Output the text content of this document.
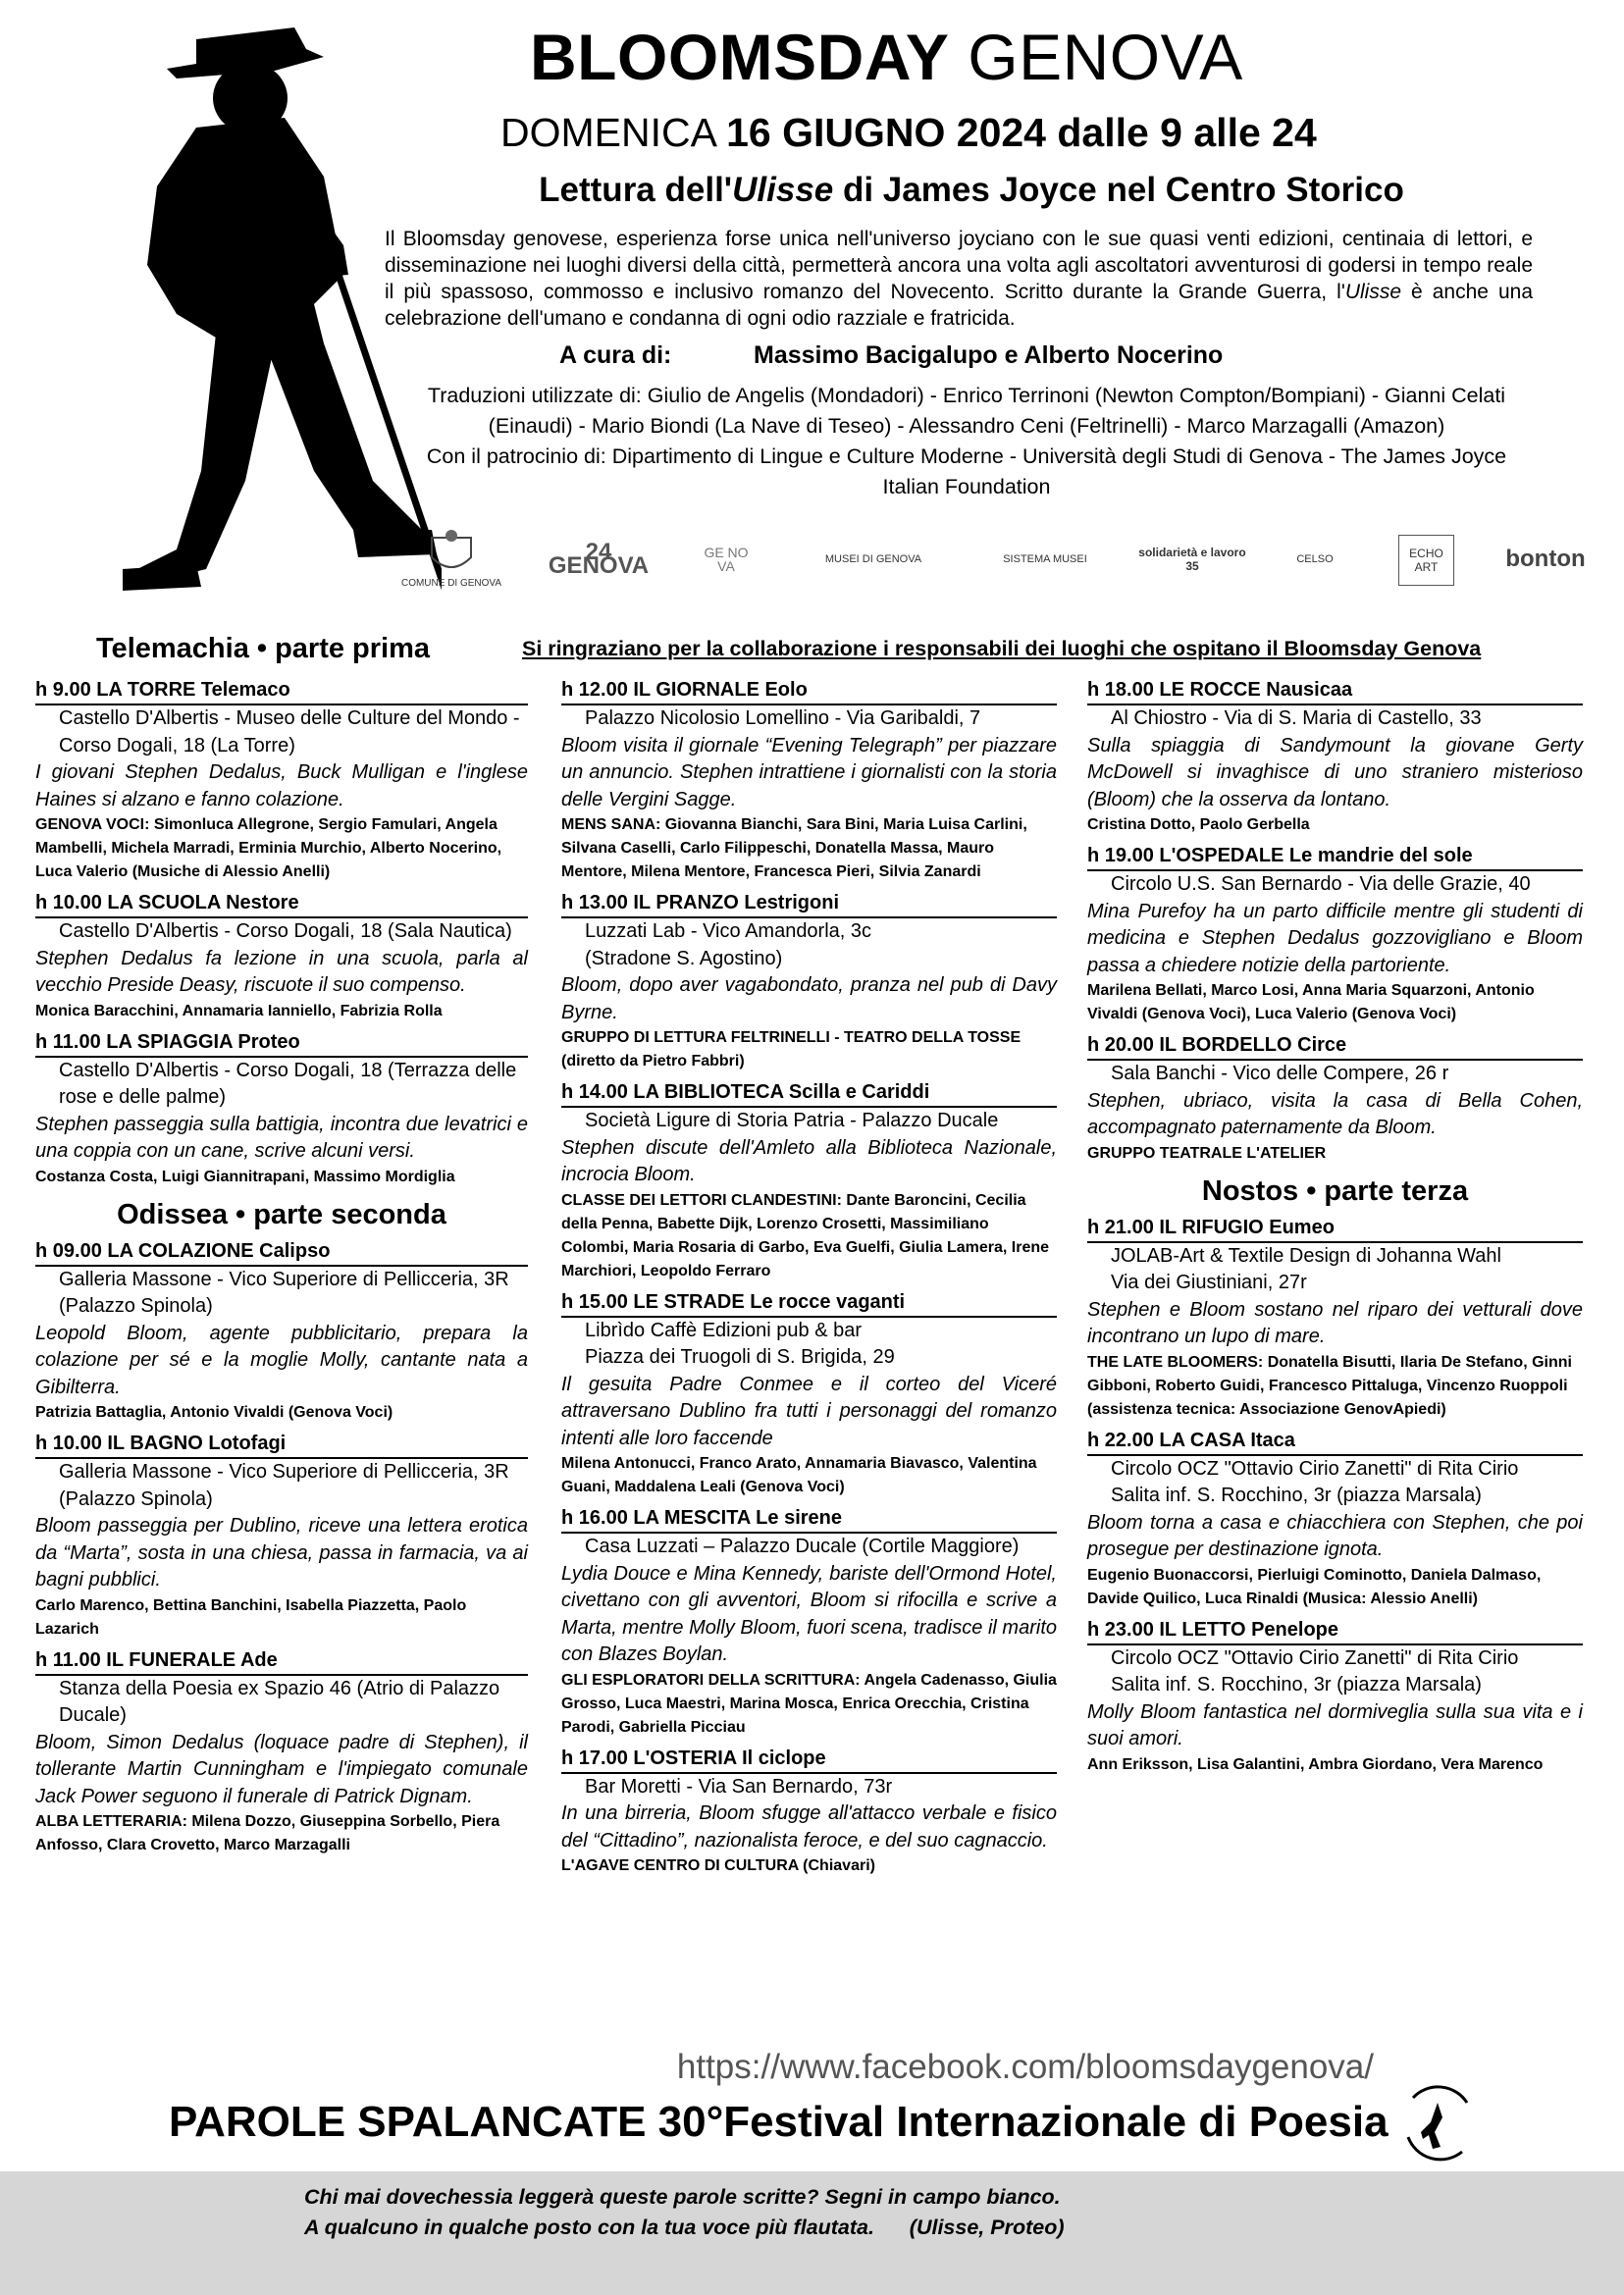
BLOOMSDAY GENOVA
DOMENICA 16 GIUGNO 2024 dalle 9 alle 24
Lettura dell'Ulisse di James Joyce nel Centro Storico
Il Bloomsday genovese, esperienza forse unica nell'universo joyciano con le sue quasi venti edizioni, centinaia di lettori, e disseminazione nei luoghi diversi della città, permetterà ancora una volta agli ascoltatori avventurosi di godersi in tempo reale il più spassoso, commosso e inclusivo romanzo del Novecento. Scritto durante la Grande Guerra, l'Ulisse è anche una celebrazione dell'umano e condanna di ogni odio razziale e fratricida.
A cura di:	Massimo Bacigalupo e Alberto Nocerino

Traduzioni utilizzate di: Giulio de Angelis (Mondadori) - Enrico Terrinoni (Newton Compton/Bompiani) - Gianni Celati (Einaudi) - Mario Biondi (La Nave di Teseo) - Alessandro Ceni (Feltrinelli) - Marco Marzagalli (Amazon)

Con il patrocinio di: Dipartimento di Lingue e Culture Moderne - Università degli Studi di Genova - The James Joyce Italian Foundation

COMUNE DI GENOVA
24 GENOVA	GE NO VA	MUSEI DI GENOVA	SISTEMA MUSEI	solidarietà e lavoro 35	CELSO	ECHO ART	bonton
Telemachia • parte prima	Si ringraziano per la collaborazione i responsabili dei luoghi che ospitano il Bloomsday Genova
h 9.00 LA TORRE Telemaco
Castello D'Albertis - Museo delle Culture del Mondo - Corso Dogali, 18 (La Torre)
I giovani Stephen Dedalus, Buck Mulligan e l'inglese Haines si alzano e fanno colazione.
GENOVA VOCI: Simonluca Allegrone, Sergio Famulari, Angela Mambelli, Michela Marradi, Erminia Murchio, Alberto Nocerino, Luca Valerio (Musiche di Alessio Anelli)
h 10.00 LA SCUOLA Nestore
Castello D'Albertis - Corso Dogali, 18 (Sala Nautica)
Stephen Dedalus fa lezione in una scuola, parla al vecchio Preside Deasy, riscuote il suo compenso.
Monica Baracchini, Annamaria Ianniello, Fabrizia Rolla
h 11.00 LA SPIAGGIA Proteo
Castello D'Albertis - Corso Dogali, 18 (Terrazza delle rose e delle palme)
Stephen passeggia sulla battigia, incontra due levatrici e una coppia con un cane, scrive alcuni versi.
Costanza Costa, Luigi Giannitrapani, Massimo Mordiglia
Odissea • parte seconda
h 09.00 LA COLAZIONE Calipso
Galleria Massone - Vico Superiore di Pellicceria, 3R (Palazzo Spinola)
Leopold Bloom, agente pubblicitario, prepara la colazione per sé e la moglie Molly, cantante nata a Gibilterra.
Patrizia Battaglia, Antonio Vivaldi (Genova Voci)
h 10.00 IL BAGNO Lotofagi
Galleria Massone - Vico Superiore di Pellicceria, 3R (Palazzo Spinola)
Bloom passeggia per Dublino, riceve una lettera erotica da “Marta”, sosta in una chiesa, passa in farmacia, va ai bagni pubblici.
Carlo Marenco, Bettina Banchini, Isabella Piazzetta, Paolo Lazarich
h 11.00 IL FUNERALE Ade
Stanza della Poesia ex Spazio 46 (Atrio di Palazzo Ducale)
Bloom, Simon Dedalus (loquace padre di Stephen), il tollerante Martin Cunningham e l'impiegato comunale Jack Power seguono il funerale di Patrick Dignam.
ALBA LETTERARIA: Milena Dozzo, Giuseppina Sorbello, Piera Anfosso, Clara Crovetto, Marco Marzagalli
h 12.00 IL GIORNALE Eolo
Palazzo Nicolosio Lomellino - Via Garibaldi, 7
Bloom visita il giornale “Evening Telegraph” per piazzare un annuncio. Stephen intrattiene i giornalisti con la storia delle Vergini Sagge.
MENS SANA: Giovanna Bianchi, Sara Bini, Maria Luisa Carlini, Silvana Caselli, Carlo Filippeschi, Donatella Massa, Mauro Mentore, Milena Mentore, Francesca Pieri, Silvia Zanardi
h 13.00 IL PRANZO Lestrigoni
Luzzati Lab - Vico Amandorla, 3c
(Stradone S. Agostino)
Bloom, dopo aver vagabondato, pranza nel pub di Davy Byrne.
GRUPPO DI LETTURA FELTRINELLI - TEATRO DELLA TOSSE (diretto da Pietro Fabbri)
h 14.00 LA BIBLIOTECA Scilla e Cariddi
Società Ligure di Storia Patria - Palazzo Ducale
Stephen discute dell'Amleto alla Biblioteca Nazionale, incrocia Bloom.
CLASSE DEI LETTORI CLANDESTINI: Dante Baroncini, Cecilia della Penna, Babette Dijk, Lorenzo Crosetti, Massimiliano Colombi, Maria Rosaria di Garbo, Eva Guelfi, Giulia Lamera, Irene Marchiori, Leopoldo Ferraro
h 15.00 LE STRADE Le rocce vaganti
Librìdo Caffè Edizioni pub & bar
Piazza dei Truogoli di S. Brigida, 29
Il gesuita Padre Conmee e il corteo del Viceré attraversano Dublino fra tutti i personaggi del romanzo intenti alle loro faccende
Milena Antonucci, Franco Arato, Annamaria Biavasco, Valentina Guani, Maddalena Leali (Genova Voci)
h 16.00 LA MESCITA Le sirene
Casa Luzzati – Palazzo Ducale (Cortile Maggiore)
Lydia Douce e Mina Kennedy, bariste dell'Ormond Hotel, civettano con gli avventori, Bloom si rifocilla e scrive a Marta, mentre Molly Bloom, fuori scena, tradisce il marito con Blazes Boylan.
GLI ESPLORATORI DELLA SCRITTURA: Angela Cadenasso, Giulia Grosso, Luca Maestri, Marina Mosca, Enrica Orecchia, Cristina Parodi, Gabriella Picciau
h 17.00 L'OSTERIA Il ciclope
Bar Moretti - Via San Bernardo, 73r
In una birreria, Bloom sfugge all'attacco verbale e fisico del “Cittadino”, nazionalista feroce, e del suo cagnaccio.
L'AGAVE CENTRO DI CULTURA (Chiavari)
h 18.00 LE ROCCE Nausicaa
Al Chiostro - Via di S. Maria di Castello, 33
Sulla spiaggia di Sandymount la giovane Gerty McDowell si invaghisce di uno straniero misterioso (Bloom) che la osserva da lontano.
Cristina Dotto, Paolo Gerbella
h 19.00 L'OSPEDALE Le mandrie del sole
Circolo U.S. San Bernardo - Via delle Grazie, 40
Mina Purefoy ha un parto difficile mentre gli studenti di medicina e Stephen Dedalus gozzovigliano e Bloom passa a chiedere notizie della partoriente.
Marilena Bellati, Marco Losi, Anna Maria Squarzoni, Antonio Vivaldi (Genova Voci), Luca Valerio (Genova Voci)
h 20.00 IL BORDELLO Circe
Sala Banchi - Vico delle Compere, 26 r
Stephen, ubriaco, visita la casa di Bella Cohen, accompagnato paternamente da Bloom.
GRUPPO TEATRALE L'ATELIER
Nostos • parte terza
h 21.00 IL RIFUGIO Eumeo
JOLAB-Art & Textile Design di Johanna Wahl
Via dei Giustiniani, 27r
Stephen e Bloom sostano nel riparo dei vetturali dove incontrano un lupo di mare.
THE LATE BLOOMERS: Donatella Bisutti, Ilaria De Stefano, Ginni Gibboni, Roberto Guidi, Francesco Pittaluga, Vincenzo Ruoppoli (assistenza tecnica: Associazione GenovApiedi)
h 22.00 LA CASA Itaca
Circolo OCZ "Ottavio Cirio Zanetti" di Rita Cirio
Salita inf. S. Rocchino, 3r (piazza Marsala)
Bloom torna a casa e chiacchiera con Stephen, che poi prosegue per destinazione ignota.
Eugenio Buonaccorsi, Pierluigi Cominotto, Daniela Dalmaso, Davide Quilico, Luca Rinaldi (Musica: Alessio Anelli)
h 23.00 IL LETTO Penelope
Circolo OCZ "Ottavio Cirio Zanetti" di Rita Cirio
Salita inf. S. Rocchino, 3r (piazza Marsala)
Molly Bloom fantastica nel dormiveglia sulla sua vita e i suoi amori.
Ann Eriksson, Lisa Galantini, Ambra Giordano, Vera Marenco
https://www.facebook.com/bloomsdaygenova/
PAROLE SPALANCATE 30°Festival Internazionale di Poesia
Chi mai dovechessia leggerà queste parole scritte? Segni in campo bianco.
A qualcuno in qualche posto con la tua voce più flautata.      (Ulisse, Proteo)
